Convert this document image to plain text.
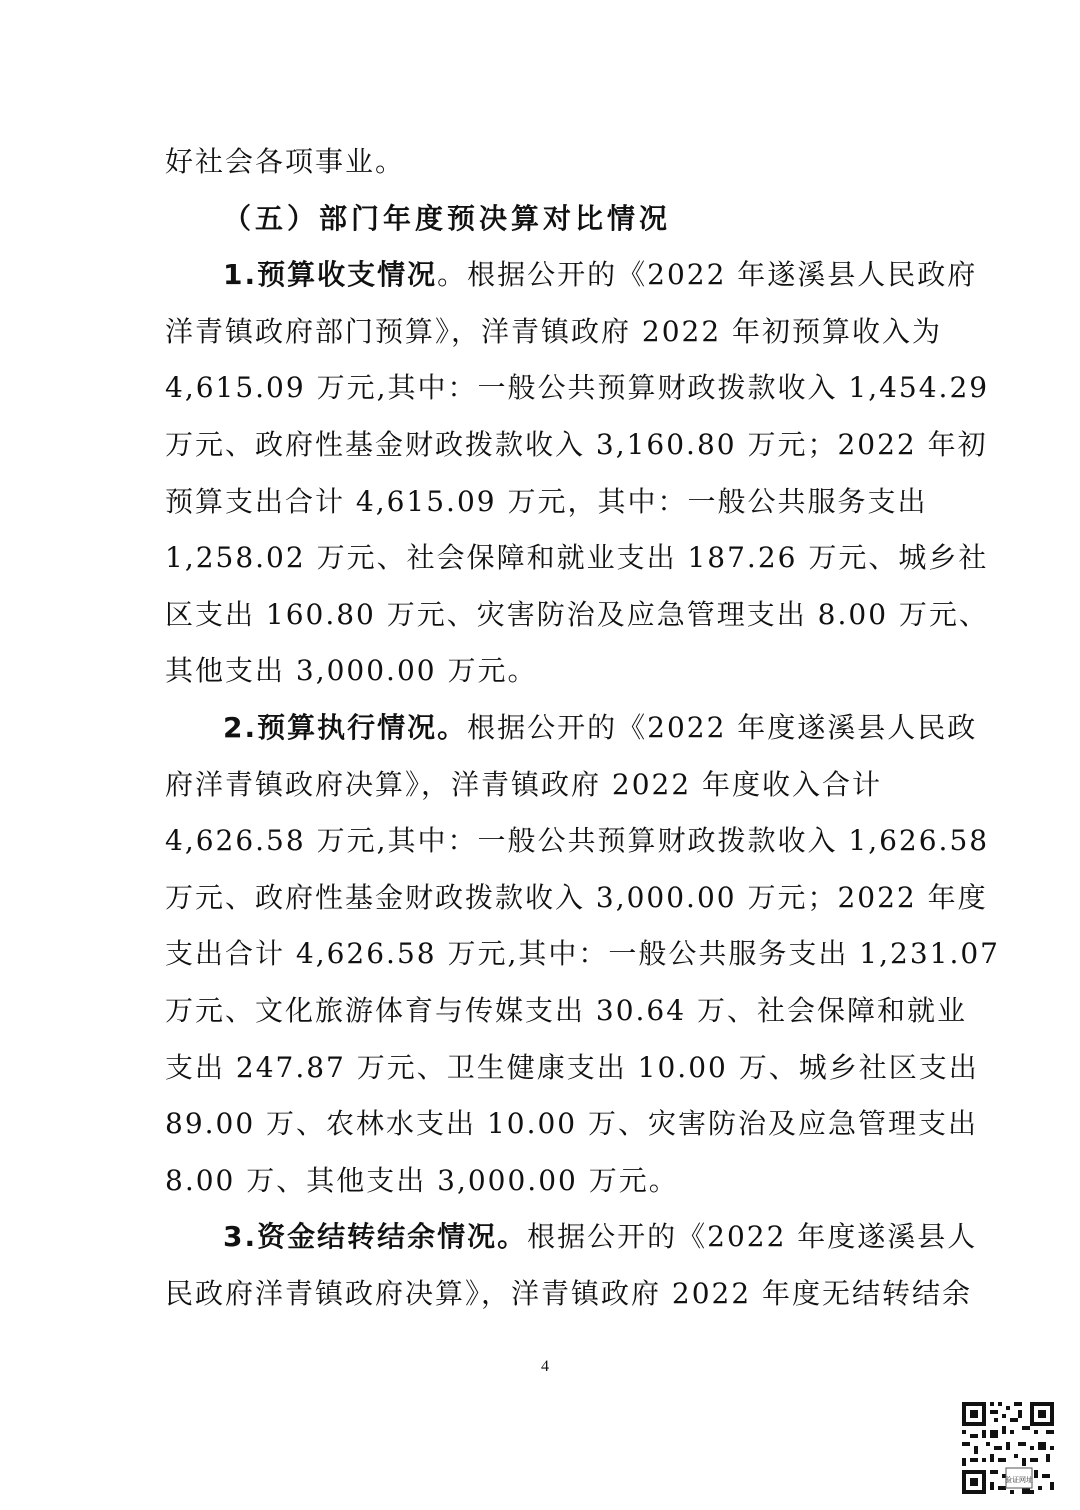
好社会各项事业。
（五）部门年度预决算对比情况
1.预算收支情况。根据公开的《2022 年遂溪县人民政府
洋青镇政府部门预算》，洋青镇政府 2022 年初预算收入为
4,615.09 万元,其中：一般公共预算财政拨款收入 1,454.29
万元、政府性基金财政拨款收入 3,160.80 万元；2022 年初
预算支出合计 4,615.09 万元，其中：一般公共服务支出
1,258.02 万元、社会保障和就业支出 187.26 万元、城乡社
区支出 160.80 万元、灾害防治及应急管理支出 8.00 万元、
其他支出 3,000.00 万元。
2.预算执行情况。根据公开的《2022 年度遂溪县人民政
府洋青镇政府决算》，洋青镇政府 2022 年度收入合计
4,626.58 万元,其中：一般公共预算财政拨款收入 1,626.58
万元、政府性基金财政拨款收入 3,000.00 万元；2022 年度
支出合计 4,626.58 万元,其中：一般公共服务支出 1,231.07
万元、文化旅游体育与传媒支出 30.64 万、社会保障和就业
支出 247.87 万元、卫生健康支出 10.00 万、城乡社区支出
89.00 万、农林水支出 10.00 万、灾害防治及应急管理支出
8.00 万、其他支出 3,000.00 万元。
3.资金结转结余情况。根据公开的《2022 年度遂溪县人
民政府洋青镇政府决算》，洋青镇政府 2022 年度无结转结余
4
验证网址
